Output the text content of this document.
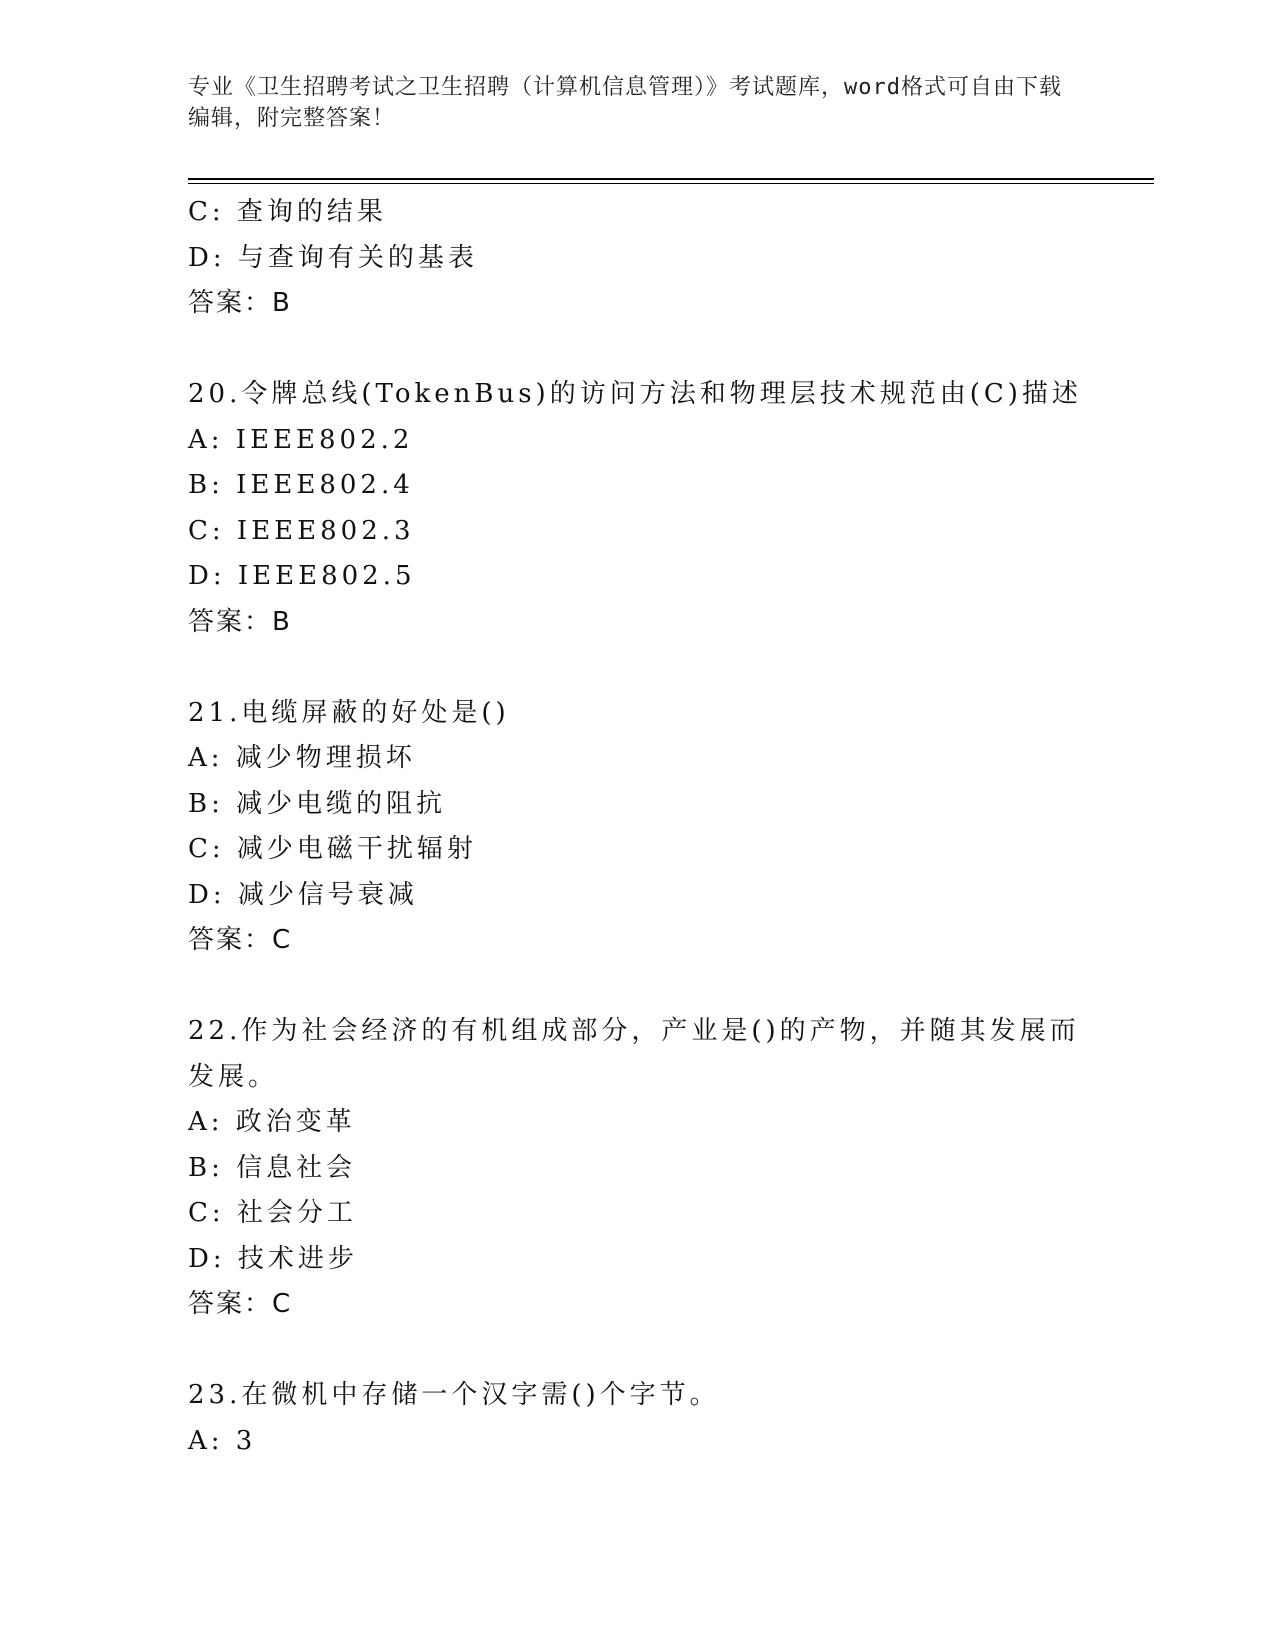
专业《卫生招聘考试之卫生招聘（计算机信息管理）》考试题库，word格式可自由下载编辑，附完整答案！
C: 查询的结果
D: 与查询有关的基表
答案：B
20.令牌总线(TokenBus)的访问方法和物理层技术规范由(C)描述
A: IEEE802.2
B: IEEE802.4
C: IEEE802.3
D: IEEE802.5
答案：B
21.电缆屏蔽的好处是()
A: 减少物理损坏
B: 减少电缆的阻抗
C: 减少电磁干扰辐射
D: 减少信号衰减
答案：C
22.作为社会经济的有机组成部分，产业是()的产物，并随其发展而发展。
A: 政治变革
B: 信息社会
C: 社会分工
D: 技术进步
答案：C
23.在微机中存储一个汉字需()个字节。
A: 3
